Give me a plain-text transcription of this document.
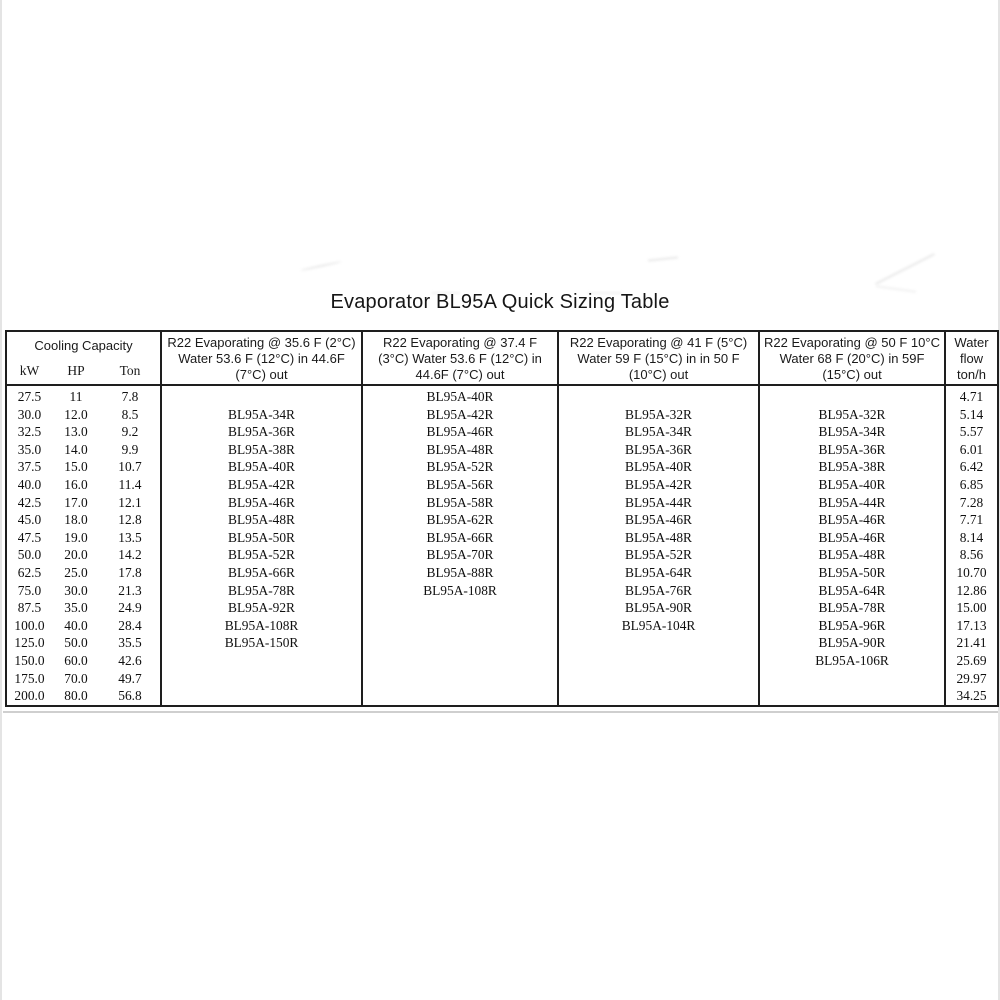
Evaporator BL95A Quick Sizing Table
Cooling Capacity			R22 Evaporating @ 35.6 F (2°C) Water 53.6 F (12°C) in 44.6F (7°C) out	R22 Evaporating @ 37.4 F (3°C) Water 53.6 F (12°C) in 44.6F (7°C) out	R22 Evaporating @ 41 F (5°C) Water 59 F (15°C) in in 50 F (10°C) out	R22 Evaporating @ 50 F 10°C Water 68 F (20°C) in 59F (15°C) out	Water flow ton/h
kW	HP	Ton					
27.5	11	7.8		BL95A-40R			4.71
30.0	12.0	8.5	BL95A-34R	BL95A-42R	BL95A-32R	BL95A-32R	5.14
32.5	13.0	9.2	BL95A-36R	BL95A-46R	BL95A-34R	BL95A-34R	5.57
35.0	14.0	9.9	BL95A-38R	BL95A-48R	BL95A-36R	BL95A-36R	6.01
37.5	15.0	10.7	BL95A-40R	BL95A-52R	BL95A-40R	BL95A-38R	6.42
40.0	16.0	11.4	BL95A-42R	BL95A-56R	BL95A-42R	BL95A-40R	6.85
42.5	17.0	12.1	BL95A-46R	BL95A-58R	BL95A-44R	BL95A-44R	7.28
45.0	18.0	12.8	BL95A-48R	BL95A-62R	BL95A-46R	BL95A-46R	7.71
47.5	19.0	13.5	BL95A-50R	BL95A-66R	BL95A-48R	BL95A-46R	8.14
50.0	20.0	14.2	BL95A-52R	BL95A-70R	BL95A-52R	BL95A-48R	8.56
62.5	25.0	17.8	BL95A-66R	BL95A-88R	BL95A-64R	BL95A-50R	10.70
75.0	30.0	21.3	BL95A-78R	BL95A-108R	BL95A-76R	BL95A-64R	12.86
87.5	35.0	24.9	BL95A-92R		BL95A-90R	BL95A-78R	15.00
100.0	40.0	28.4	BL95A-108R		BL95A-104R	BL95A-96R	17.13
125.0	50.0	35.5	BL95A-150R			BL95A-90R	21.41
150.0	60.0	42.6				BL95A-106R	25.69
175.0	70.0	49.7					29.97
200.0	80.0	56.8					34.25
